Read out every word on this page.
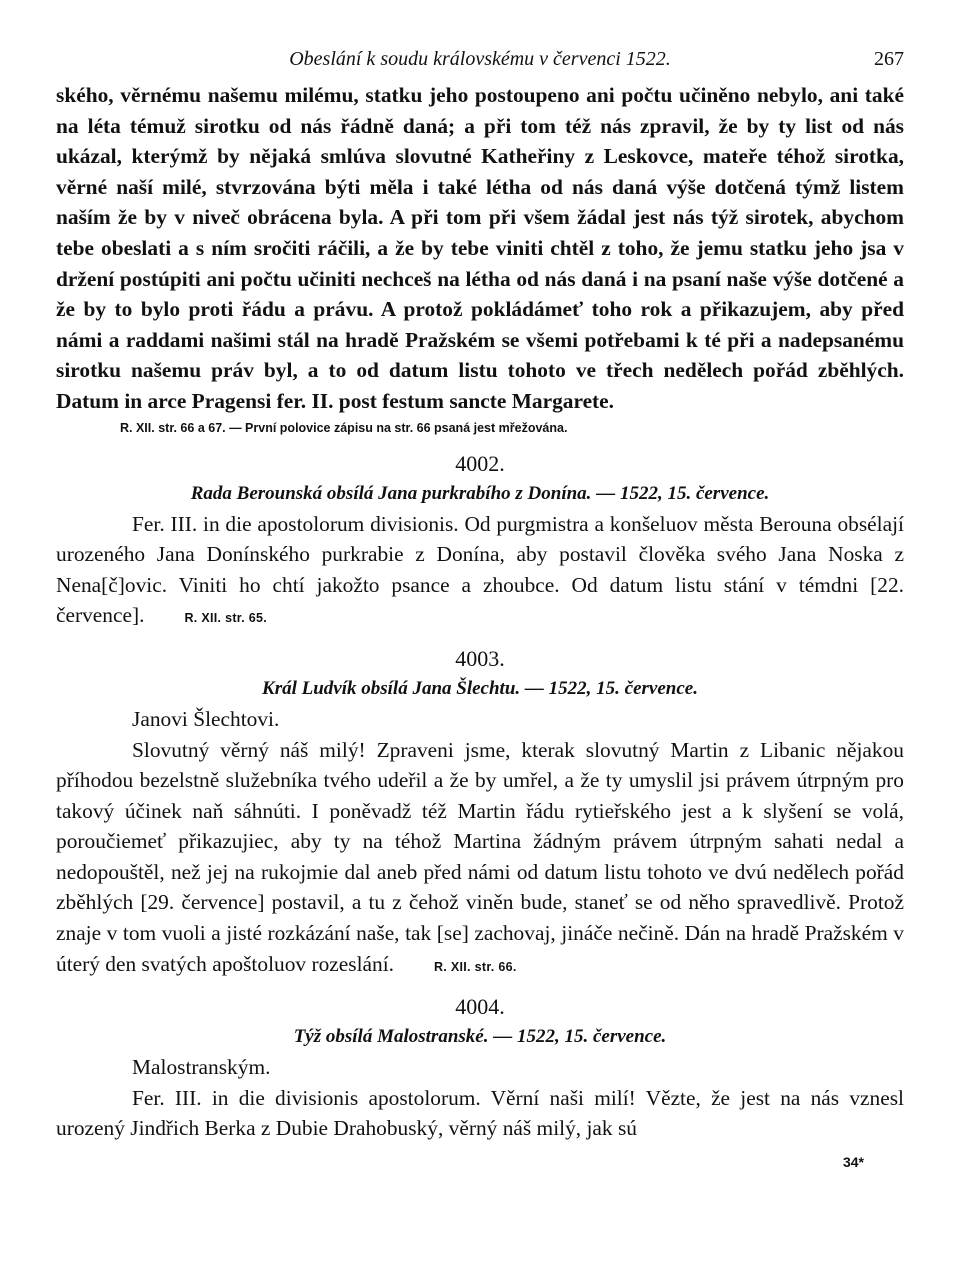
Obeslání k soudu královskému v červenci 1522.	267

ského, věrnému našemu milému, statku jeho postoupeno ani počtu učiněno nebylo, ani také na léta témuž sirotku od nás řádně daná; a při tom též nás zpravil, že by ty list od nás ukázal, kterýmž by nějaká smlúva slovutné Katheřiny z Leskovce, mateře téhož sirotka, věrné naší milé, stvrzována býti měla i také létha od nás daná výše dotčená týmž listem naším že by v niveč obrácena byla. A při tom při všem žádal jest nás týž sirotek, abychom tebe obeslati a s ním sročiti ráčili, a že by tebe viniti chtěl z toho, že jemu statku jeho jsa v držení postúpiti ani počtu učiniti nechceš na létha od nás daná i na psaní naše výše dotčené a že by to bylo proti řádu a právu. A protož pokládámeť toho rok a přikazujem, aby před námi a raddami našimi stál na hradě Pražském se všemi potřebami k té při a nadepsanému sirotku našemu práv byl, a to od datum listu tohoto ve třech nedělech pořád zběhlých. Datum in arce Pragensi fer. II. post festum sancte Margarete.

R. XII. str. 66 a 67. — První polovice zápisu na str. 66 psaná jest mřežována.

4002.
Rada Berounská obsílá Jana purkrabího z Donína. — 1522, 15. července.

Fer. III. in die apostolorum divisionis. Od purgmistra a konšeluov města Berouna obsélají urozeného Jana Donínského purkrabie z Donína, aby postavil člověka svého Jana Noska z Nena[č]ovic. Viniti ho chtí jakožto psance a zhoubce. Od datum listu stání v témdni [22. července].	R. XII. str. 65.

4003.
Král Ludvík obsílá Jana Šlechtu. — 1522, 15. července.

Janovi Šlechtovi.

Slovutný věrný náš milý! Zpraveni jsme, kterak slovutný Martin z Libanic nějakou příhodou bezelstně služebníka tvého udeřil a že by umřel, a že ty umyslil jsi právem útrpným pro takový účinek naň sáhnúti. I poněvadž též Martin řádu rytieřského jest a k slyšení se volá, poroučiemeť přikazujiec, aby ty na téhož Martina žádným právem útrpným sahati nedal a nedopouštěl, než jej na rukojmie dal aneb před námi od datum listu tohoto ve dvú nedělech pořád zběhlých [29. července] postavil, a tu z čehož viněn bude, staneť se od něho spravedlivě. Protož znaje v tom vuoli a jisté rozkázání naše, tak [se] zachovaj, jináče nečině. Dán na hradě Pražském v úterý den svatých apoštoluov rozeslání.	R. XII. str. 66.

4004.
Týž obsílá Malostranské. — 1522, 15. července.

Malostranským.

Fer. III. in die divisionis apostolorum. Věrní naši milí! Vězte, že jest na nás vznesl urozený Jindřich Berka z Dubie Drahobuský, věrný náš milý, jak sú

34*
